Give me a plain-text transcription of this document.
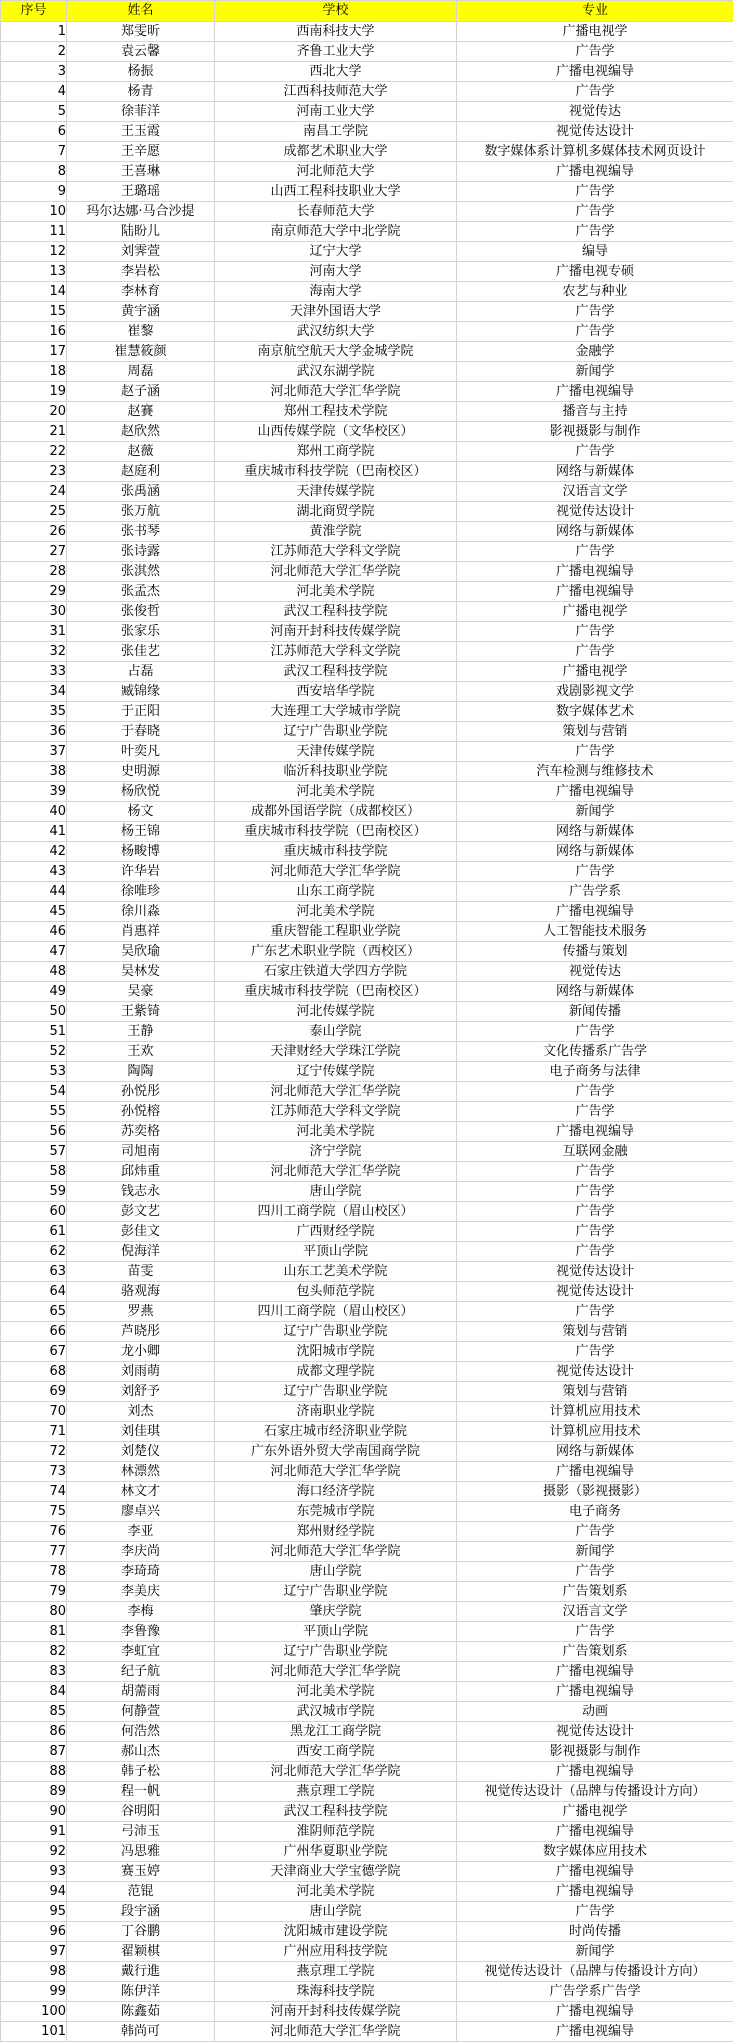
序号	姓名	学校	专业
1	郑雯昕	西南科技大学	广播电视学
2	袁云馨	齐鲁工业大学	广告学
3	杨振	西北大学	广播电视编导
4	杨青	江西科技师范大学	广告学
5	徐菲洋	河南工业大学	视觉传达
6	王玉霞	南昌工学院	视觉传达设计
7	王辛愿	成都艺术职业大学	数字媒体系计算机多媒体技术网页设计
8	王喜琳	河北师范大学	广播电视编导
9	王璐瑶	山西工程科技职业大学	广告学
10	玛尔达娜·马合沙提	长春师范大学	广告学
11	陆盼儿	南京师范大学中北学院	广告学
12	刘霁萱	辽宁大学	编导
13	李岩松	河南大学	广播电视专硕
14	李林育	海南大学	农艺与种业
15	黄宇涵	天津外国语大学	广告学
16	崔黎	武汉纺织大学	广告学
17	崔慧筱颜	南京航空航天大学金城学院	金融学
18	周磊	武汉东湖学院	新闻学
19	赵子涵	河北师范大学汇华学院	广播电视编导
20	赵賽	郑州工程技术学院	播音与主持
21	赵欣然	山西传媒学院（文华校区）	影视摄影与制作
22	赵薇	郑州工商学院	广告学
23	赵庭利	重庆城市科技学院（巴南校区）	网络与新媒体
24	张禹涵	天津传媒学院	汉语言文学
25	张万航	湖北商贸学院	视觉传达设计
26	张书琴	黄淮学院	网络与新媒体
27	张诗露	江苏师范大学科文学院	广告学
28	张淇然	河北师范大学汇华学院	广播电视编导
29	张孟杰	河北美术学院	广播电视编导
30	张俊哲	武汉工程科技学院	广播电视学
31	张家乐	河南开封科技传媒学院	广告学
32	张佳艺	江苏师范大学科文学院	广告学
33	占磊	武汉工程科技学院	广播电视学
34	臧锦缘	西安培华学院	戏剧影视文学
35	于正阳	大连理工大学城市学院	数字媒体艺术
36	于春晓	辽宁广告职业学院	策划与营销
37	叶奕凡	天津传媒学院	广告学
38	史明源	临沂科技职业学院	汽车检测与维修技术
39	杨欣悦	河北美术学院	广播电视编导
40	杨文	成都外国语学院（成都校区）	新闻学
41	杨王锦	重庆城市科技学院（巴南校区）	网络与新媒体
42	杨畯博	重庆城市科技学院	网络与新媒体
43	许华岩	河北师范大学汇华学院	广告学
44	徐唯珍	山东工商学院	广告学系
45	徐川淼	河北美术学院	广播电视编导
46	肖惠祥	重庆智能工程职业学院	人工智能技术服务
47	吴欣瑜	广东艺术职业学院（西校区）	传播与策划
48	吴林发	石家庄铁道大学四方学院	视觉传达
49	吴豪	重庆城市科技学院（巴南校区）	网络与新媒体
50	王紫锜	河北传媒学院	新闻传播
51	王静	泰山学院	广告学
52	王欢	天津财经大学珠江学院	文化传播系广告学
53	陶陶	辽宁传媒学院	电子商务与法律
54	孙悦彤	河北师范大学汇华学院	广告学
55	孙悦榕	江苏师范大学科文学院	广告学
56	苏奕格	河北美术学院	广播电视编导
57	司旭南	济宁学院	互联网金融
58	邱炜重	河北师范大学汇华学院	广告学
59	钱志永	唐山学院	广告学
60	彭文艺	四川工商学院（眉山校区）	广告学
61	彭佳文	广西财经学院	广告学
62	倪海洋	平顶山学院	广告学
63	苗雯	山东工艺美术学院	视觉传达设计
64	骆观海	包头师范学院	视觉传达设计
65	罗燕	四川工商学院（眉山校区）	广告学
66	芦晓彤	辽宁广告职业学院	策划与营销
67	龙小卿	沈阳城市学院	广告学
68	刘雨萌	成都文理学院	视觉传达设计
69	刘舒予	辽宁广告职业学院	策划与营销
70	刘杰	济南职业学院	计算机应用技术
71	刘佳琪	石家庄城市经济职业学院	计算机应用技术
72	刘楚仪	广东外语外贸大学南国商学院	网络与新媒体
73	林漂然	河北师范大学汇华学院	广播电视编导
74	林文才	海口经济学院	摄影（影视摄影）
75	廖卓兴	东莞城市学院	电子商务
76	李亚	郑州财经学院	广告学
77	李庆尚	河北师范大学汇华学院	新闻学
78	李琦琦	唐山学院	广告学
79	李美庆	辽宁广告职业学院	广告策划系
80	李梅	肇庆学院	汉语言文学
81	李鲁豫	平顶山学院	广告学
82	李虹宜	辽宁广告职业学院	广告策划系
83	纪子航	河北师范大学汇华学院	广播电视编导
84	胡薷雨	河北美术学院	广播电视编导
85	何静萱	武汉城市学院	动画
86	何浩然	黑龙江工商学院	视觉传达设计
87	郝山杰	西安工商学院	影视摄影与制作
88	韩子松	河北师范大学汇华学院	广播电视编导
89	程一帆	燕京理工学院	视觉传达设计（品牌与传播设计方向）
90	谷明阳	武汉工程科技学院	广播电视学
91	弓沛玉	淮阴师范学院	广播电视编导
92	冯思雅	广州华夏职业学院	数字媒体应用技术
93	赛玉婷	天津商业大学宝德学院	广播电视编导
94	范锟	河北美术学院	广播电视编导
95	段宇涵	唐山学院	广告学
96	丁谷鹏	沈阳城市建设学院	时尚传播
97	翟颖棋	广州应用科技学院	新闻学
98	戴行進	燕京理工学院	视觉传达设计（品牌与传播设计方向）
99	陈伊洋	珠海科技学院	广告学系广告学
100	陈鑫茹	河南开封科技传媒学院	广播电视编导
101	韩尚可	河北师范大学汇华学院	广播电视编导
